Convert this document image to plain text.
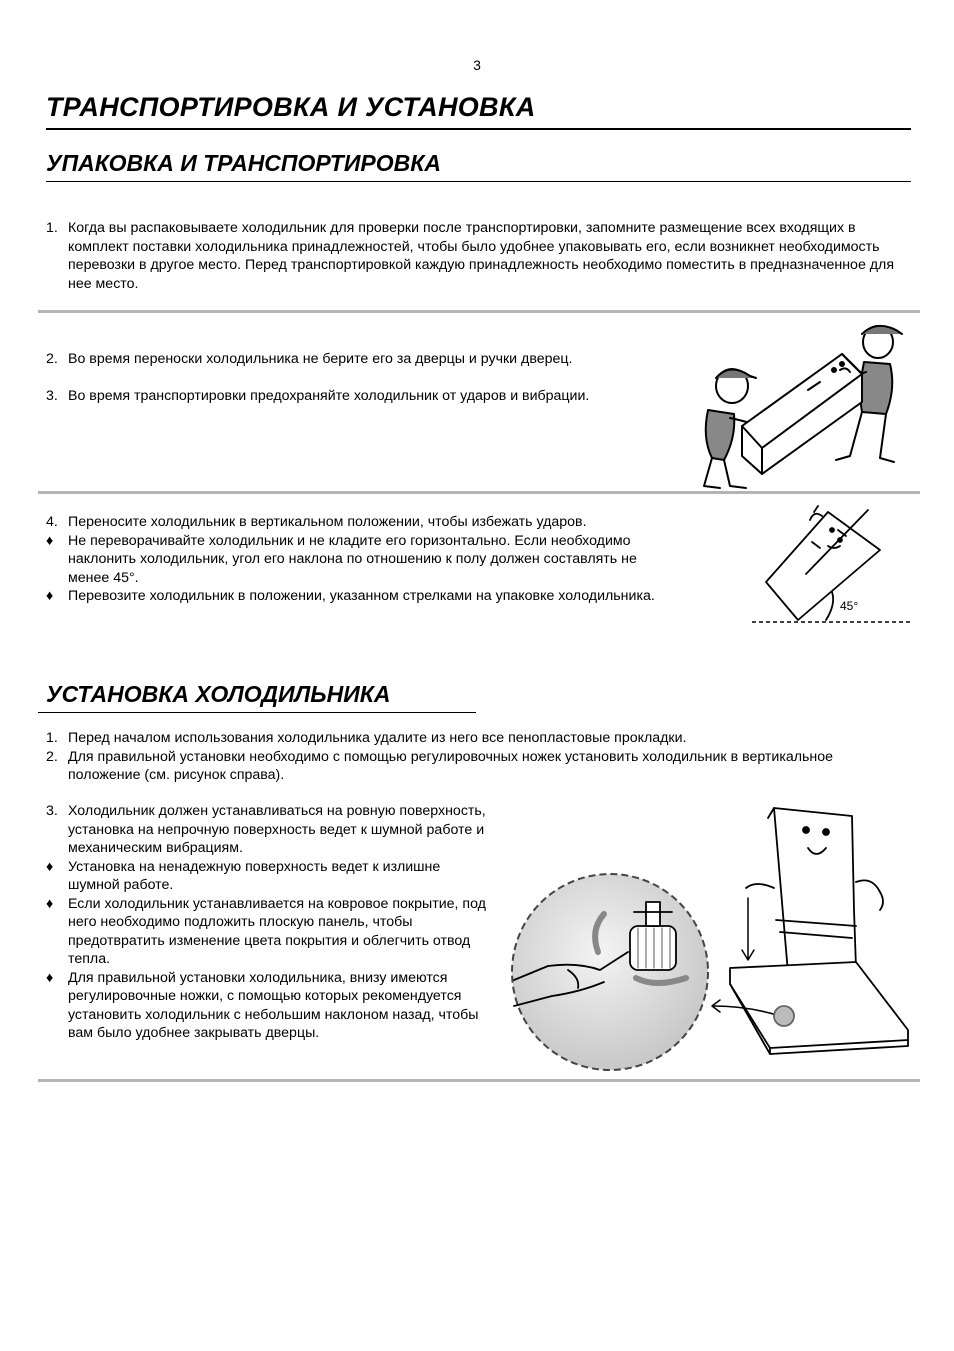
3
ТРАНСПОРТИРОВКА И УСТАНОВКА
УПАКОВКА И ТРАНСПОРТИРОВКА
1. Когда вы распаковываете холодильник для проверки после транспортировки, запомните размещение всех входящих в комплект поставки холодильника принадлежностей, чтобы было удобнее упаковывать его, если возникнет необходимость перевозки в другое место. Перед транспортировкой каждую принадлежность необходимо поместить в предназначенное для нее место.
2. Во время переноски холодильника не берите его за дверцы и ручки дверец.
3. Во время транспортировки предохраняйте холодильник от ударов и вибрации.
4. Переносите холодильник в вертикальном положении, чтобы избежать ударов.
♦	Не переворачивайте холодильник и не кладите его горизонтально. Если необходимо наклонить холодильник, угол его наклона по отношению к полу должен составлять не менее 45°.
♦	Перевозите холодильник в положении, указанном стрелками на упаковке холодильника.
45°
УСТАНОВКА ХОЛОДИЛЬНИКА
1. Перед началом использования холодильника удалите из него все пенопластовые прокладки.
2. Для правильной установки необходимо с помощью регулировочных ножек установить холодильник в вертикальное положение (см. рисунок справа).
3. Холодильник должен устанавливаться на ровную поверхность, установка на непрочную поверхность ведет к шумной работе и механическим вибрациям.
♦	Установка на ненадежную поверхность ведет к излишне шумной работе.
♦	Если холодильник устанавливается на ковровое покрытие, под него необходимо подложить плоскую панель, чтобы предотвратить изменение цвета покрытия и облегчить отвод тепла.
♦	Для правильной установки холодильника, внизу имеются регулировочные ножки, с помощью которых рекомендуется установить холодильник с небольшим наклоном назад, чтобы вам было удобнее закрывать дверцы.
